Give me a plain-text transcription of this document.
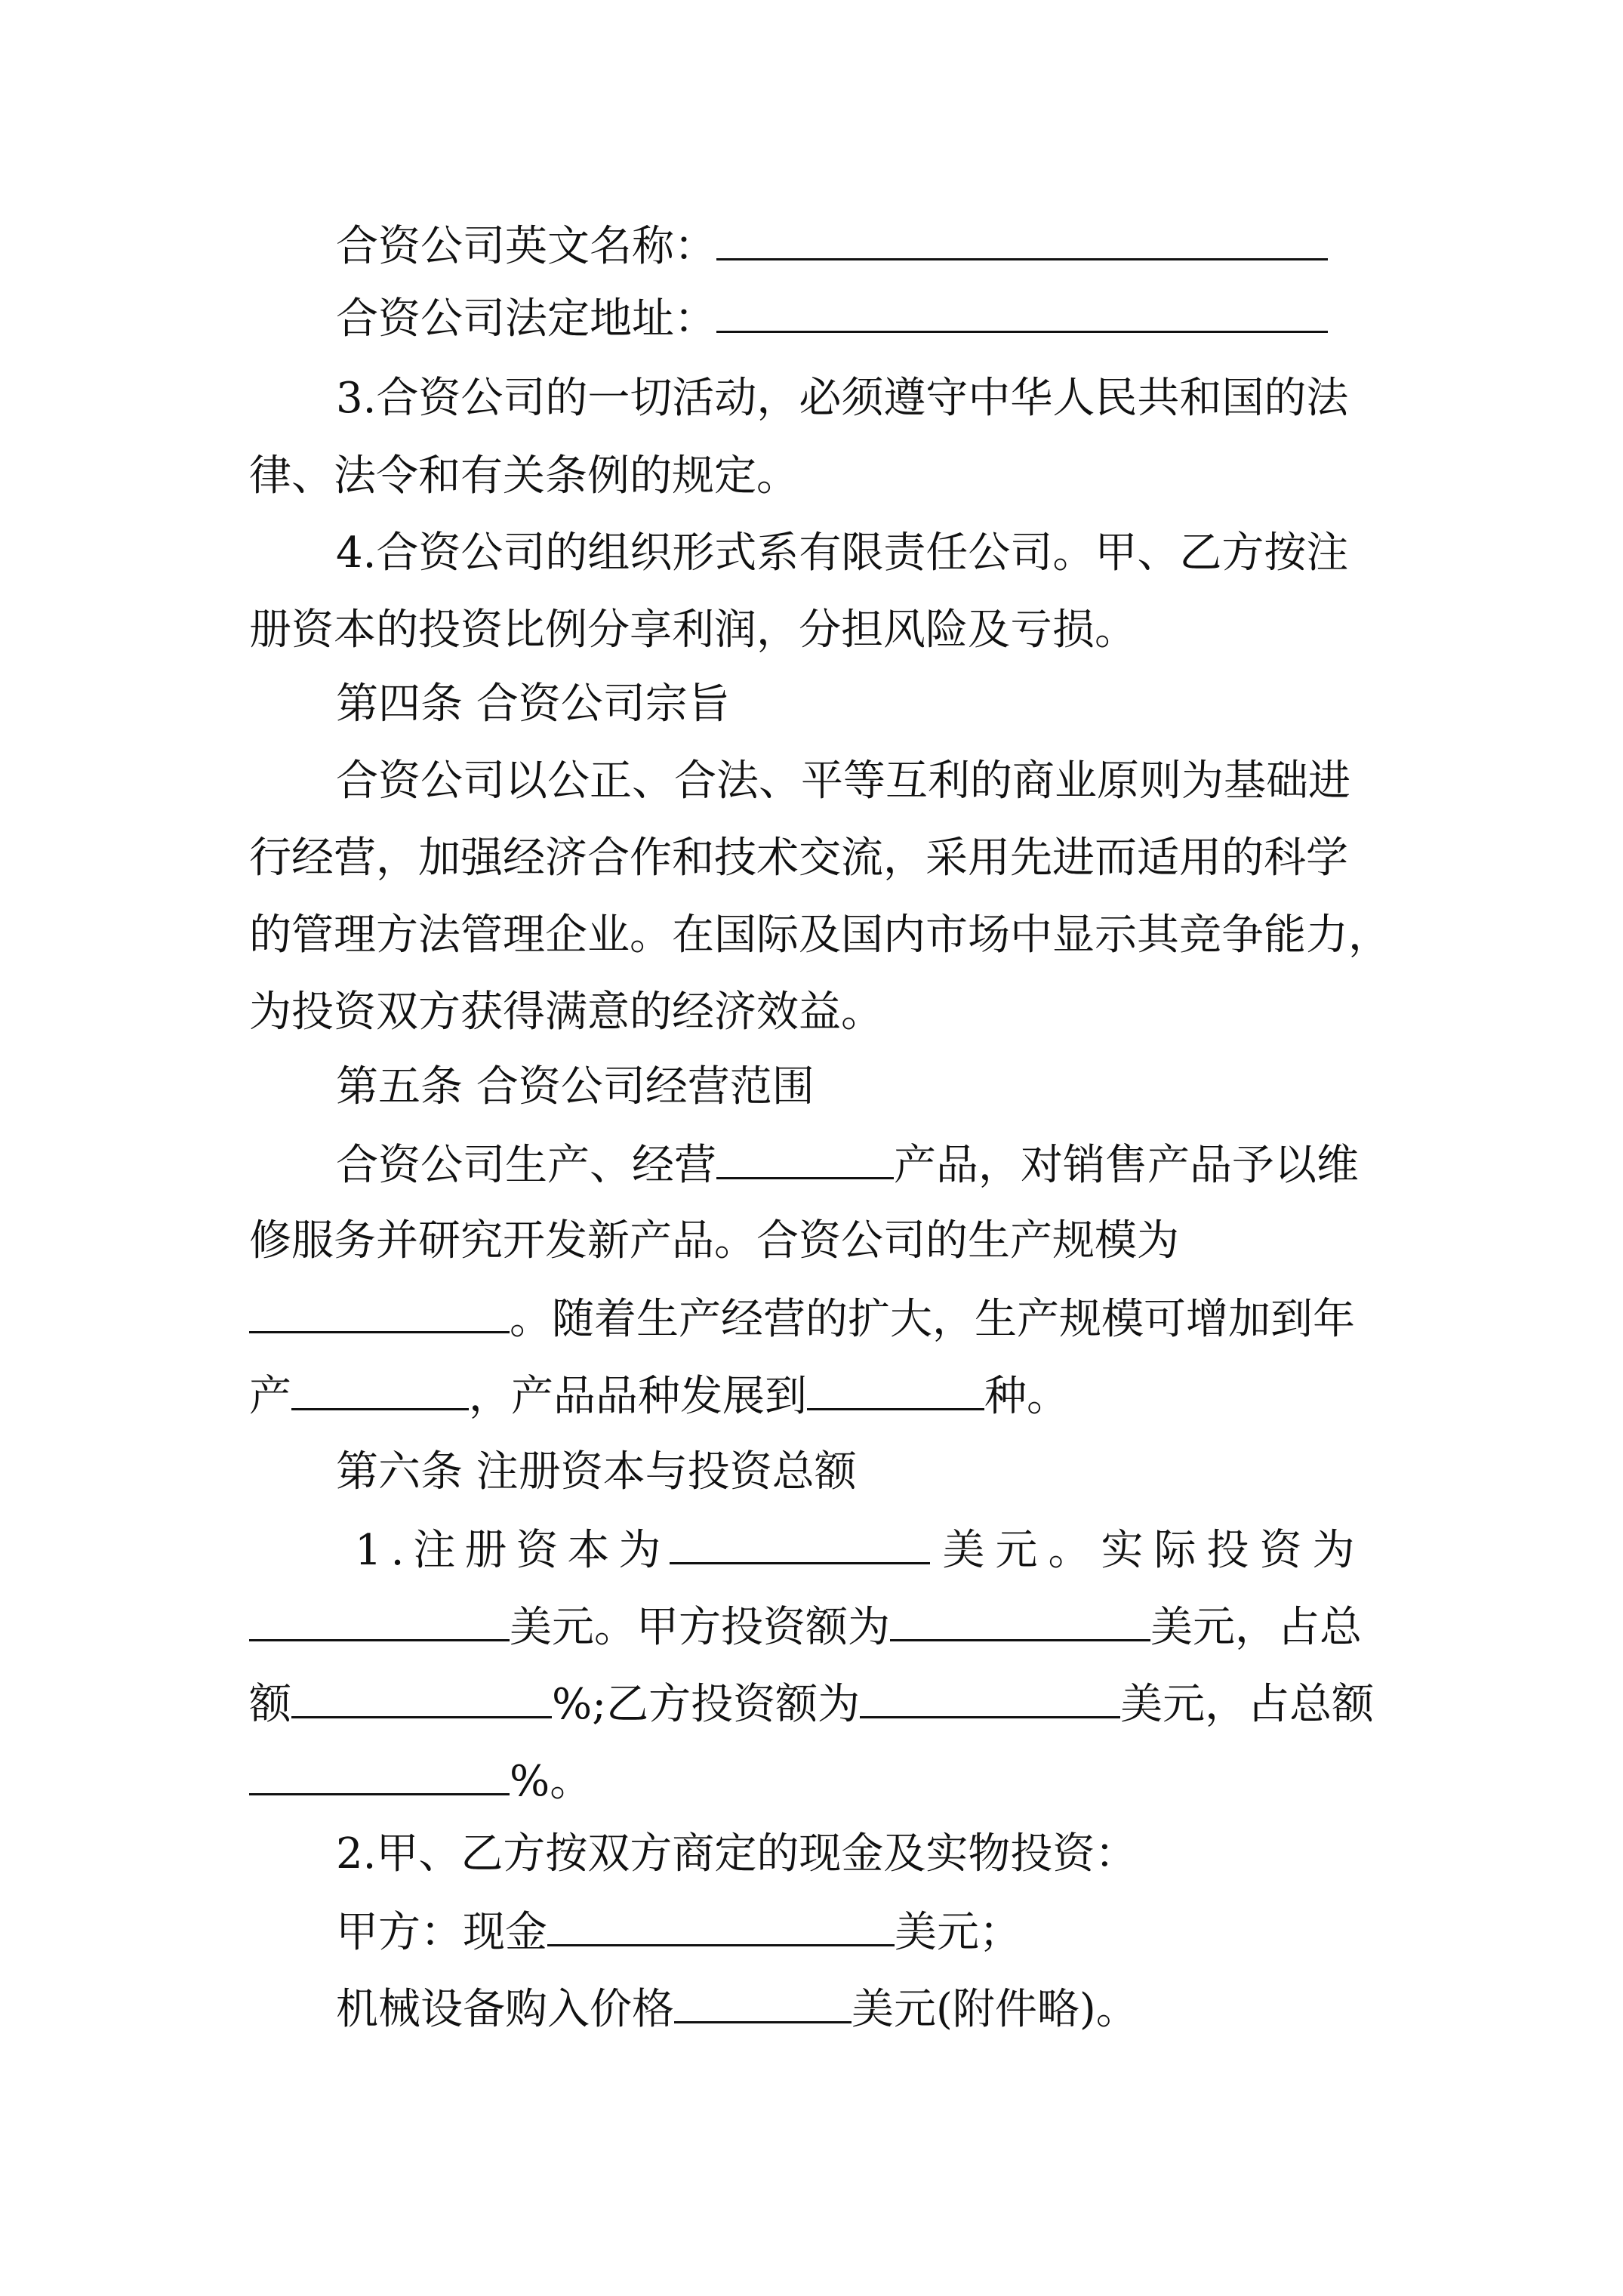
合资公司英文名称：
合资公司法定地址：
3.合资公司的一切活动，必须遵守中华人民共和国的法
律、法令和有关条例的规定。
4.合资公司的组织形式系有限责任公司。甲、乙方按注
册资本的投资比例分享利润，分担风险及亏损。
第四条 合资公司宗旨
合资公司以公正、合法、平等互利的商业原则为基础进
行经营，加强经济合作和技术交流，采用先进而适用的科学
的管理方法管理企业。在国际及国内市场中显示其竞争能力，
为投资双方获得满意的经济效益。
第五条 合资公司经营范围
合资公司生产、经营	产品，对销售产品予以维
修服务并研究开发新产品。合资公司的生产规模为
。随着生产经营的扩大，生产规模可增加到年
产	，产品品种发展到	种。
第六条 注册资本与投资总额
1.注册资本为	美元。实际投资为
美元。甲方投资额为	美元，占总
额	%;乙方投资额为	美元，占总额
%。
2.甲、乙方按双方商定的现金及实物投资：
甲方：现金	美元；
机械设备购入价格	美元(附件略)。
